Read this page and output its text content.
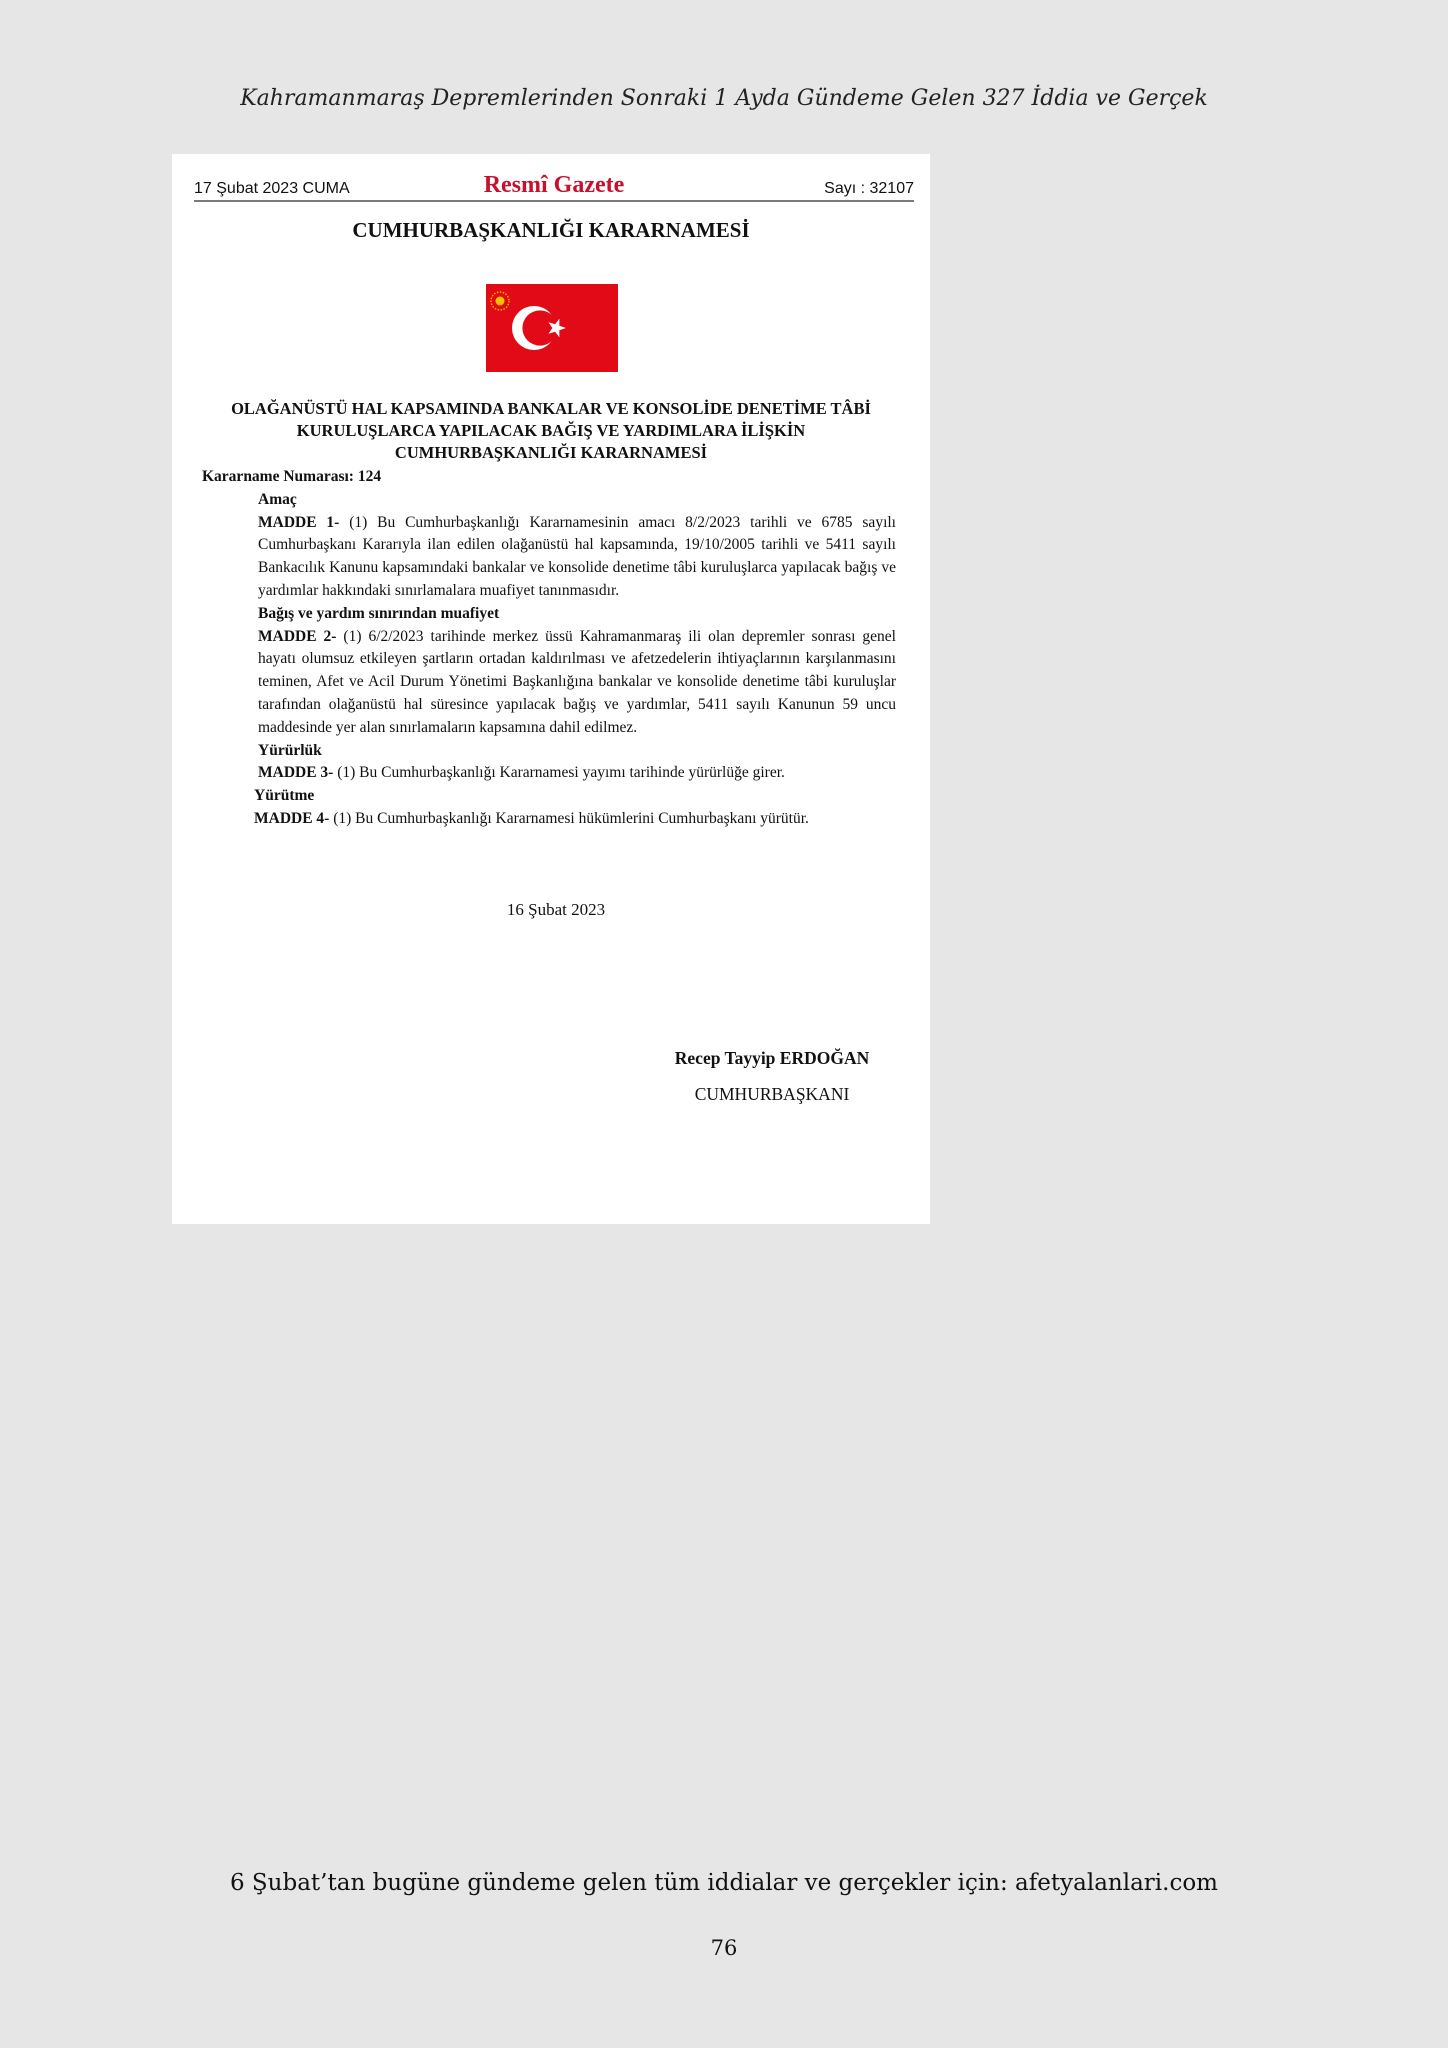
Kahramanmaraş Depremlerinden Sonraki 1 Ayda Gündeme Gelen 327 İddia ve Gerçek
17 Şubat 2023 CUMA	Resmî Gazete	Sayı : 32107
CUMHURBAŞKANLIĞI KARARNAMESİ
OLAĞANÜSTÜ HAL KAPSAMINDA BANKALAR VE KONSOLİDE DENETİME TÂBİ
KURULUŞLARCA YAPILACAK BAĞIŞ VE YARDIMLARA İLİŞKİN
CUMHURBAŞKANLIĞI KARARNAMESİ

Kararname Numarası: 124

Amaç

MADDE 1- (1) Bu Cumhurbaşkanlığı Kararnamesinin amacı 8/2/2023 tarihli ve 6785 sayılı Cumhurbaşkanı Kararıyla ilan edilen olağanüstü hal kapsamında, 19/10/2005 tarihli ve 5411 sayılı Bankacılık Kanunu kapsamındaki bankalar ve konsolide denetime tâbi kuruluşlarca yapılacak bağış ve yardımlar hakkındaki sınırlamalara muafiyet tanınmasıdır.

Bağış ve yardım sınırından muafiyet

MADDE 2- (1) 6/2/2023 tarihinde merkez üssü Kahramanmaraş ili olan depremler sonrası genel hayatı olumsuz etkileyen şartların ortadan kaldırılması ve afetzedelerin ihtiyaçlarının karşılanmasını teminen, Afet ve Acil Durum Yönetimi Başkanlığına bankalar ve konsolide denetime tâbi kuruluşlar tarafından olağanüstü hal süresince yapılacak bağış ve yardımlar, 5411 sayılı Kanunun 59 uncu maddesinde yer alan sınırlamaların kapsamına dahil edilmez.

Yürürlük

MADDE 3- (1) Bu Cumhurbaşkanlığı Kararnamesi yayımı tarihinde yürürlüğe girer.

Yürütme

MADDE 4- (1) Bu Cumhurbaşkanlığı Kararnamesi hükümlerini Cumhurbaşkanı yürütür.

16 Şubat 2023
Recep Tayyip ERDOĞAN
CUMHURBAŞKANI
6 Şubat’tan bugüne gündeme gelen tüm iddialar ve gerçekler için: afetyalanlari.com
76
